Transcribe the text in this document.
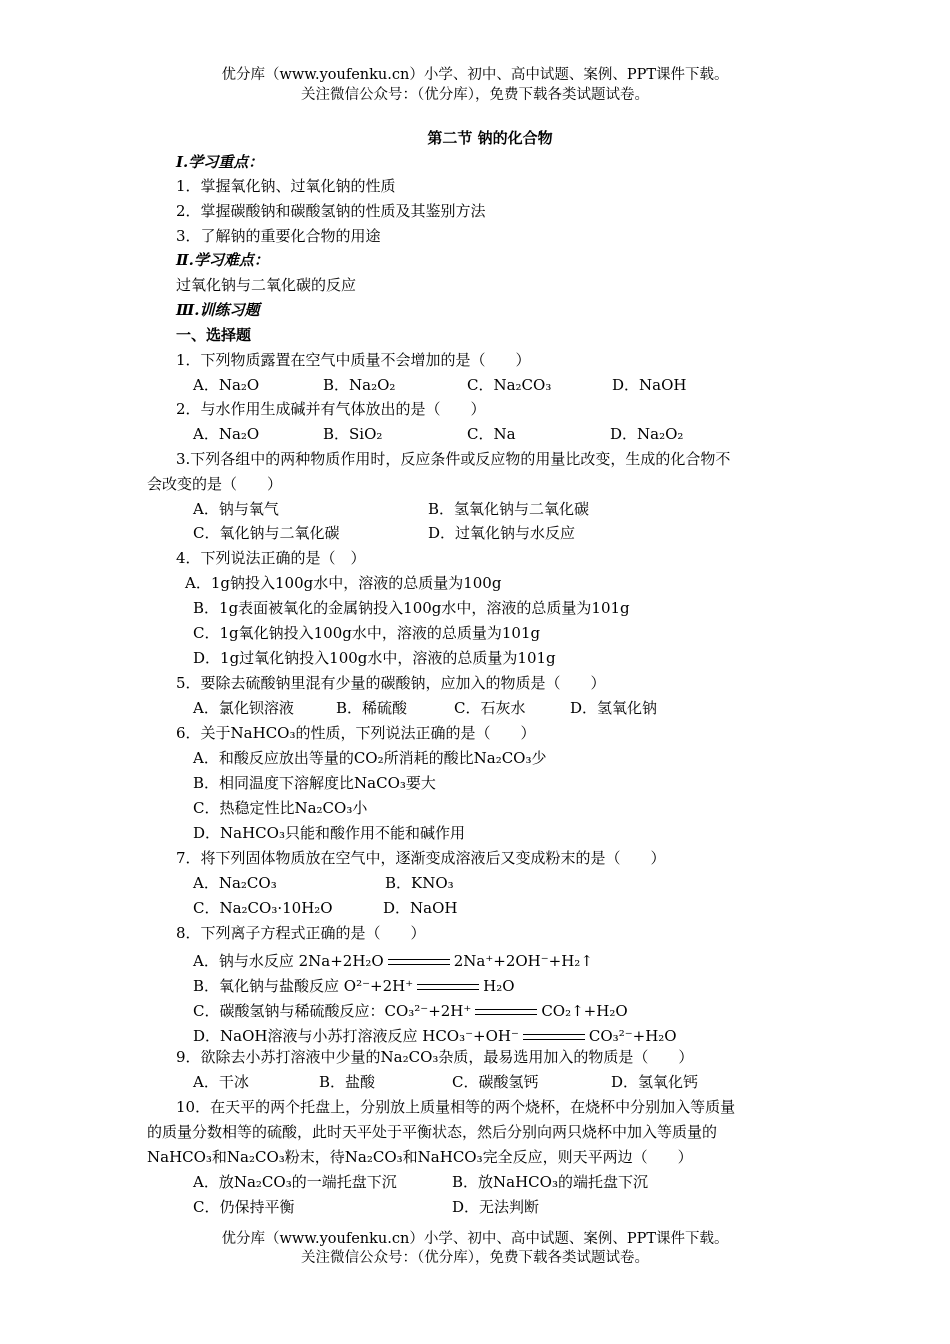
优分库（www.youfenku.cn）小学、初中、高中试题、案例、PPT课件下载。
关注微信公众号：（优分库），免费下载各类试题试卷。
第二节 钠的化合物
Ⅰ.学习重点：
1．掌握氧化钠、过氧化钠的性质
2．掌握碳酸钠和碳酸氢钠的性质及其鉴别方法
3．了解钠的重要化合物的用途
Ⅱ.学习难点：
过氧化钠与二氧化碳的反应
Ⅲ.训练习题
一、选择题
1．下列物质露置在空气中质量不会增加的是（　　）
A．Na₂O	B．Na₂O₂	C．Na₂CO₃	D．NaOH
2．与水作用生成碱并有气体放出的是（　　）
A．Na₂O	B．SiO₂	C．Na	D．Na₂O₂
3.下列各组中的两种物质作用时，反应条件或反应物的用量比改变，生成的化合物不
会改变的是（　　）
A．钠与氧气	B．氢氧化钠与二氧化碳
C．氧化钠与二氧化碳	D．过氧化钠与水反应
4．下列说法正确的是（　）
A．1g钠投入100g水中，溶液的总质量为100g
B．1g表面被氧化的金属钠投入100g水中，溶液的总质量为101g
C．1g氧化钠投入100g水中，溶液的总质量为101g
D．1g过氧化钠投入100g水中，溶液的总质量为101g
5．要除去硫酸钠里混有少量的碳酸钠，应加入的物质是（　　）
A．氯化钡溶液	B．稀硫酸	C．石灰水	D．氢氧化钠
6．关于NaHCO₃的性质，下列说法正确的是（　　）
A．和酸反应放出等量的CO₂所消耗的酸比Na₂CO₃少
B．相同温度下溶解度比NaCO₃要大
C．热稳定性比Na₂CO₃小
D．NaHCO₃只能和酸作用不能和碱作用
7．将下列固体物质放在空气中，逐渐变成溶液后又变成粉末的是（　　）
A．Na₂CO₃	B．KNO₃
C．Na₂CO₃·10H₂O	D．NaOH
8．下列离子方程式正确的是（　　）
A．钠与水反应 2Na+2H₂O	2Na⁺+2OH⁻+H₂↑
B．氧化钠与盐酸反应 O²⁻+2H⁺	H₂O
C．碳酸氢钠与稀硫酸反应：CO₃²⁻+2H⁺	CO₂↑+H₂O
D．NaOH溶液与小苏打溶液反应 HCO₃⁻+OH⁻	CO₃²⁻+H₂O
9．欲除去小苏打溶液中少量的Na₂CO₃杂质，最易选用加入的物质是（　　）
A．干冰	B．盐酸	C．碳酸氢钙	D．氢氧化钙
10．在天平的两个托盘上，分别放上质量相等的两个烧杯，在烧杯中分别加入等质量
的质量分数相等的硫酸，此时天平处于平衡状态，然后分别向两只烧杯中加入等质量的
NaHCO₃和Na₂CO₃粉末，待Na₂CO₃和NaHCO₃完全反应，则天平两边（　　）
A．放Na₂CO₃的一端托盘下沉	B．放NaHCO₃的端托盘下沉
C．仍保持平衡	D．无法判断
优分库（www.youfenku.cn）小学、初中、高中试题、案例、PPT课件下载。
关注微信公众号：（优分库），免费下载各类试题试卷。
